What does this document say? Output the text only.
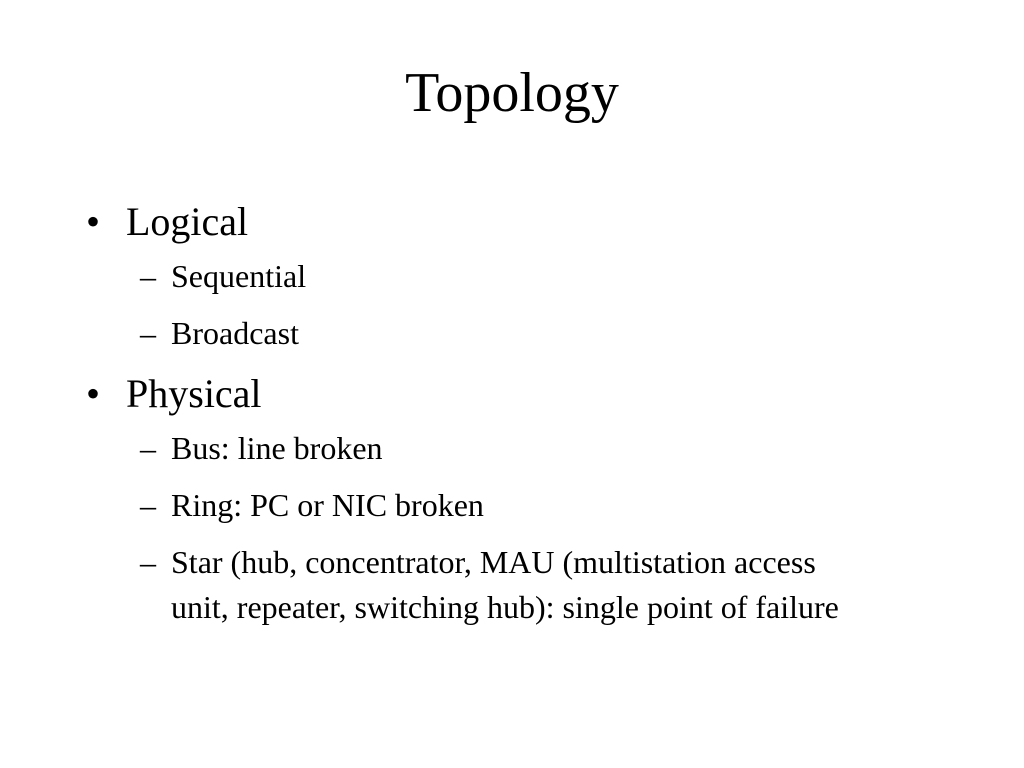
Topology
• Logical
– Sequential
– Broadcast
• Physical
– Bus: line broken
– Ring: PC or NIC broken
– Star (hub, concentrator, MAU (multistation access unit, repeater, switching hub): single point of failure
